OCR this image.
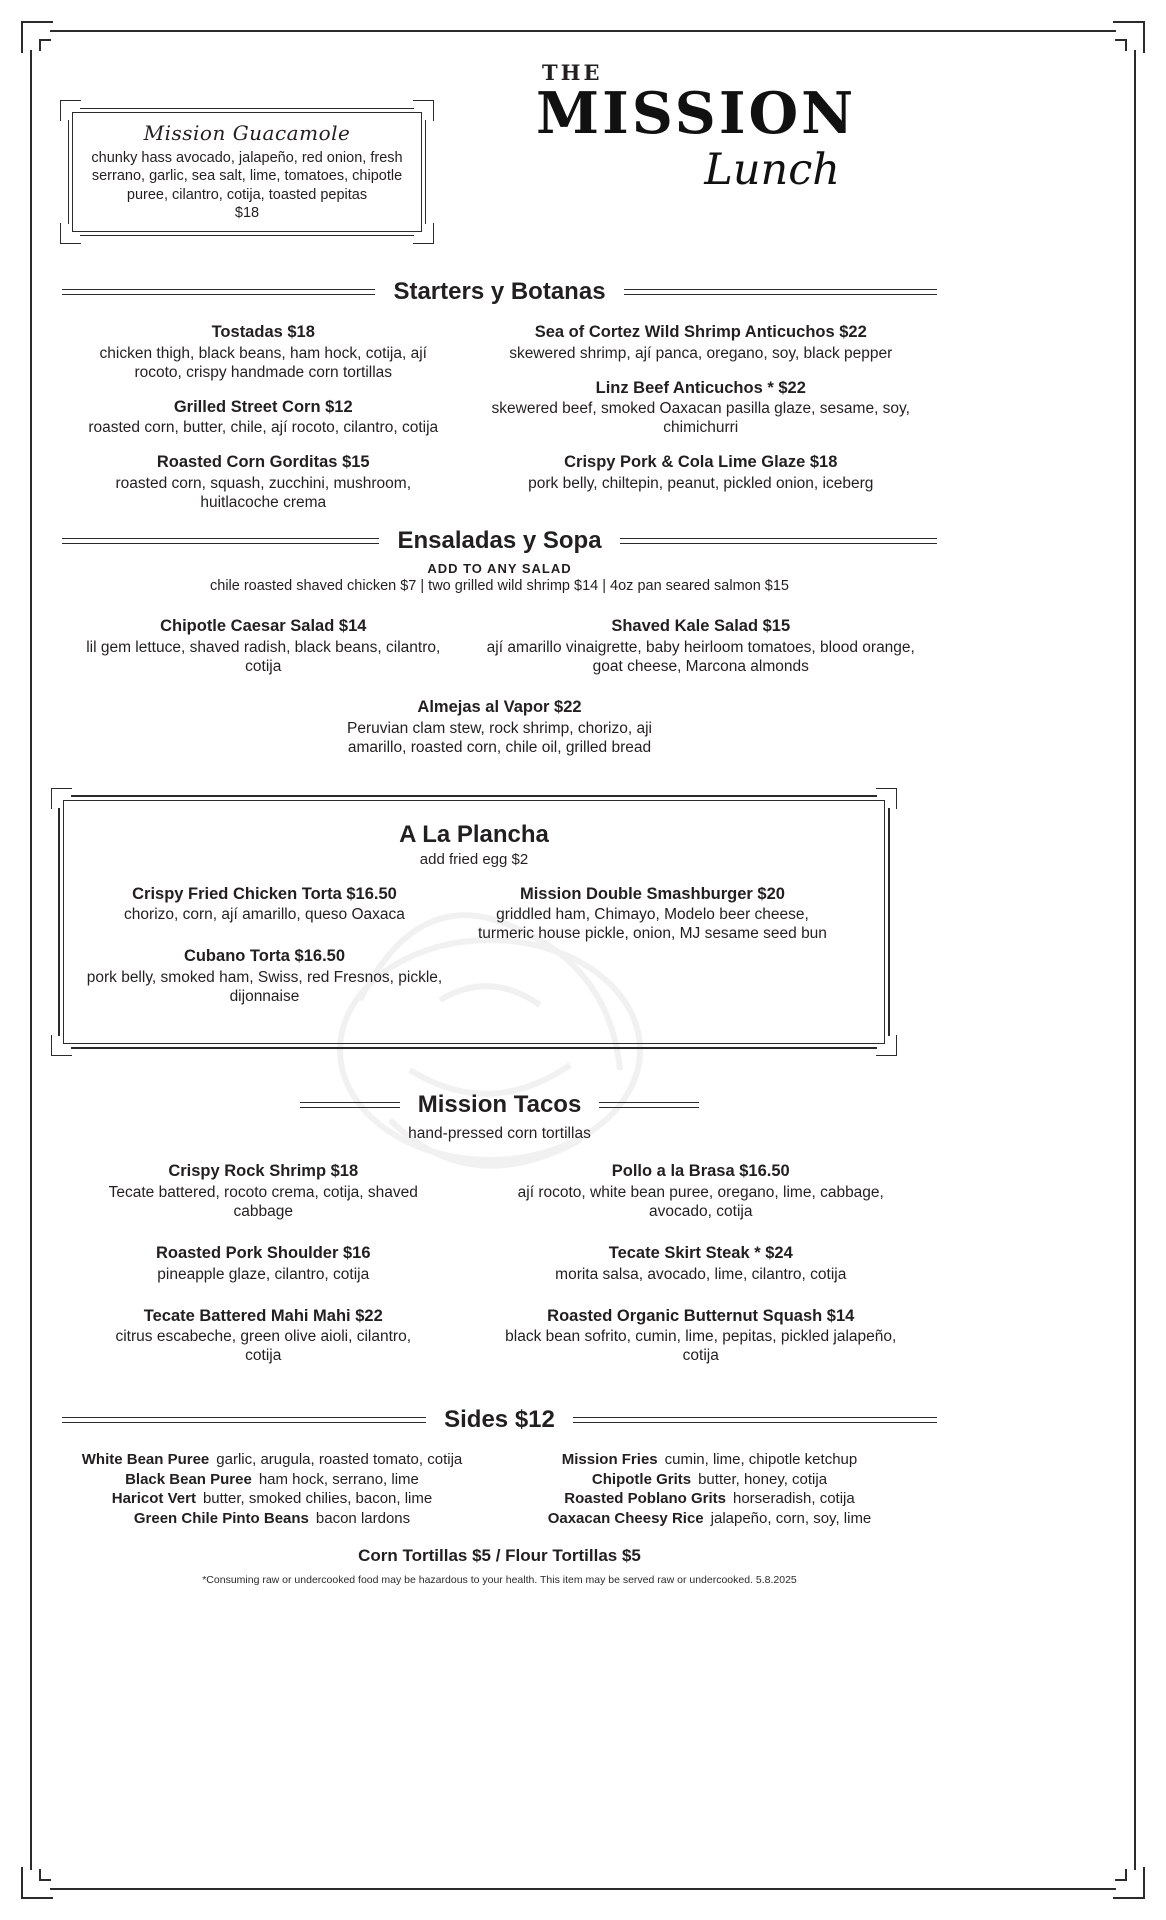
Mission Guacamole
chunky hass avocado, jalapeño, red onion, fresh serrano, garlic, sea salt, lime, tomatoes, chipotle puree, cilantro, cotija, toasted pepitas
$18
THE
MISSION
Lunch
Starters y Botanas
Tostadas $18
chicken thigh, black beans, ham hock, cotija, ají rocoto, crispy handmade corn tortillas
Grilled Street Corn $12
roasted corn, butter, chile, ají rocoto, cilantro, cotija
Roasted Corn Gorditas $15
roasted corn, squash, zucchini, mushroom, huitlacoche crema
Sea of Cortez Wild Shrimp Anticuchos $22
skewered shrimp, ají panca, oregano, soy, black pepper
Linz Beef Anticuchos * $22
skewered beef, smoked Oaxacan pasilla glaze, sesame, soy, chimichurri
Crispy Pork & Cola Lime Glaze $18
pork belly, chiltepin, peanut, pickled onion, iceberg
Ensaladas y Sopa
ADD TO ANY SALAD
chile roasted shaved chicken $7 | two grilled wild shrimp $14 | 4oz pan seared salmon $15
Chipotle Caesar Salad $14
lil gem lettuce, shaved radish, black beans, cilantro, cotija
Shaved Kale Salad $15
ají amarillo vinaigrette, baby heirloom tomatoes, blood orange, goat cheese, Marcona almonds
Almejas al Vapor $22
Peruvian clam stew, rock shrimp, chorizo, aji amarillo, roasted corn, chile oil, grilled bread
A La Plancha
add fried egg $2
Crispy Fried Chicken Torta $16.50
chorizo, corn, ají amarillo, queso Oaxaca
Cubano Torta $16.50
pork belly, smoked ham, Swiss, red Fresnos, pickle, dijonnaise
Mission Double Smashburger $20
griddled ham, Chimayo, Modelo beer cheese, turmeric house pickle, onion, MJ sesame seed bun
Mission Tacos
hand-pressed corn tortillas
Crispy Rock Shrimp $18
Tecate battered, rocoto crema, cotija, shaved cabbage
Roasted Pork Shoulder $16
pineapple glaze, cilantro, cotija
Tecate Battered Mahi Mahi $22
citrus escabeche, green olive aioli, cilantro, cotija
Pollo a la Brasa $16.50
ají rocoto, white bean puree, oregano, lime, cabbage, avocado, cotija
Tecate Skirt Steak * $24
morita salsa, avocado, lime, cilantro, cotija
Roasted Organic Butternut Squash $14
black bean sofrito, cumin, lime, pepitas, pickled jalapeño, cotija
Sides $12
White Bean Puree garlic, arugula, roasted tomato, cotija
Black Bean Puree ham hock, serrano, lime
Haricot Vert butter, smoked chilies, bacon, lime
Green Chile Pinto Beans bacon lardons
Mission Fries cumin, lime, chipotle ketchup
Chipotle Grits butter, honey, cotija
Roasted Poblano Grits horseradish, cotija
Oaxacan Cheesy Rice jalapeño, corn, soy, lime
Corn Tortillas $5 / Flour Tortillas $5
*Consuming raw or undercooked food may be hazardous to your health. This item may be served raw or undercooked. 5.8.2025
